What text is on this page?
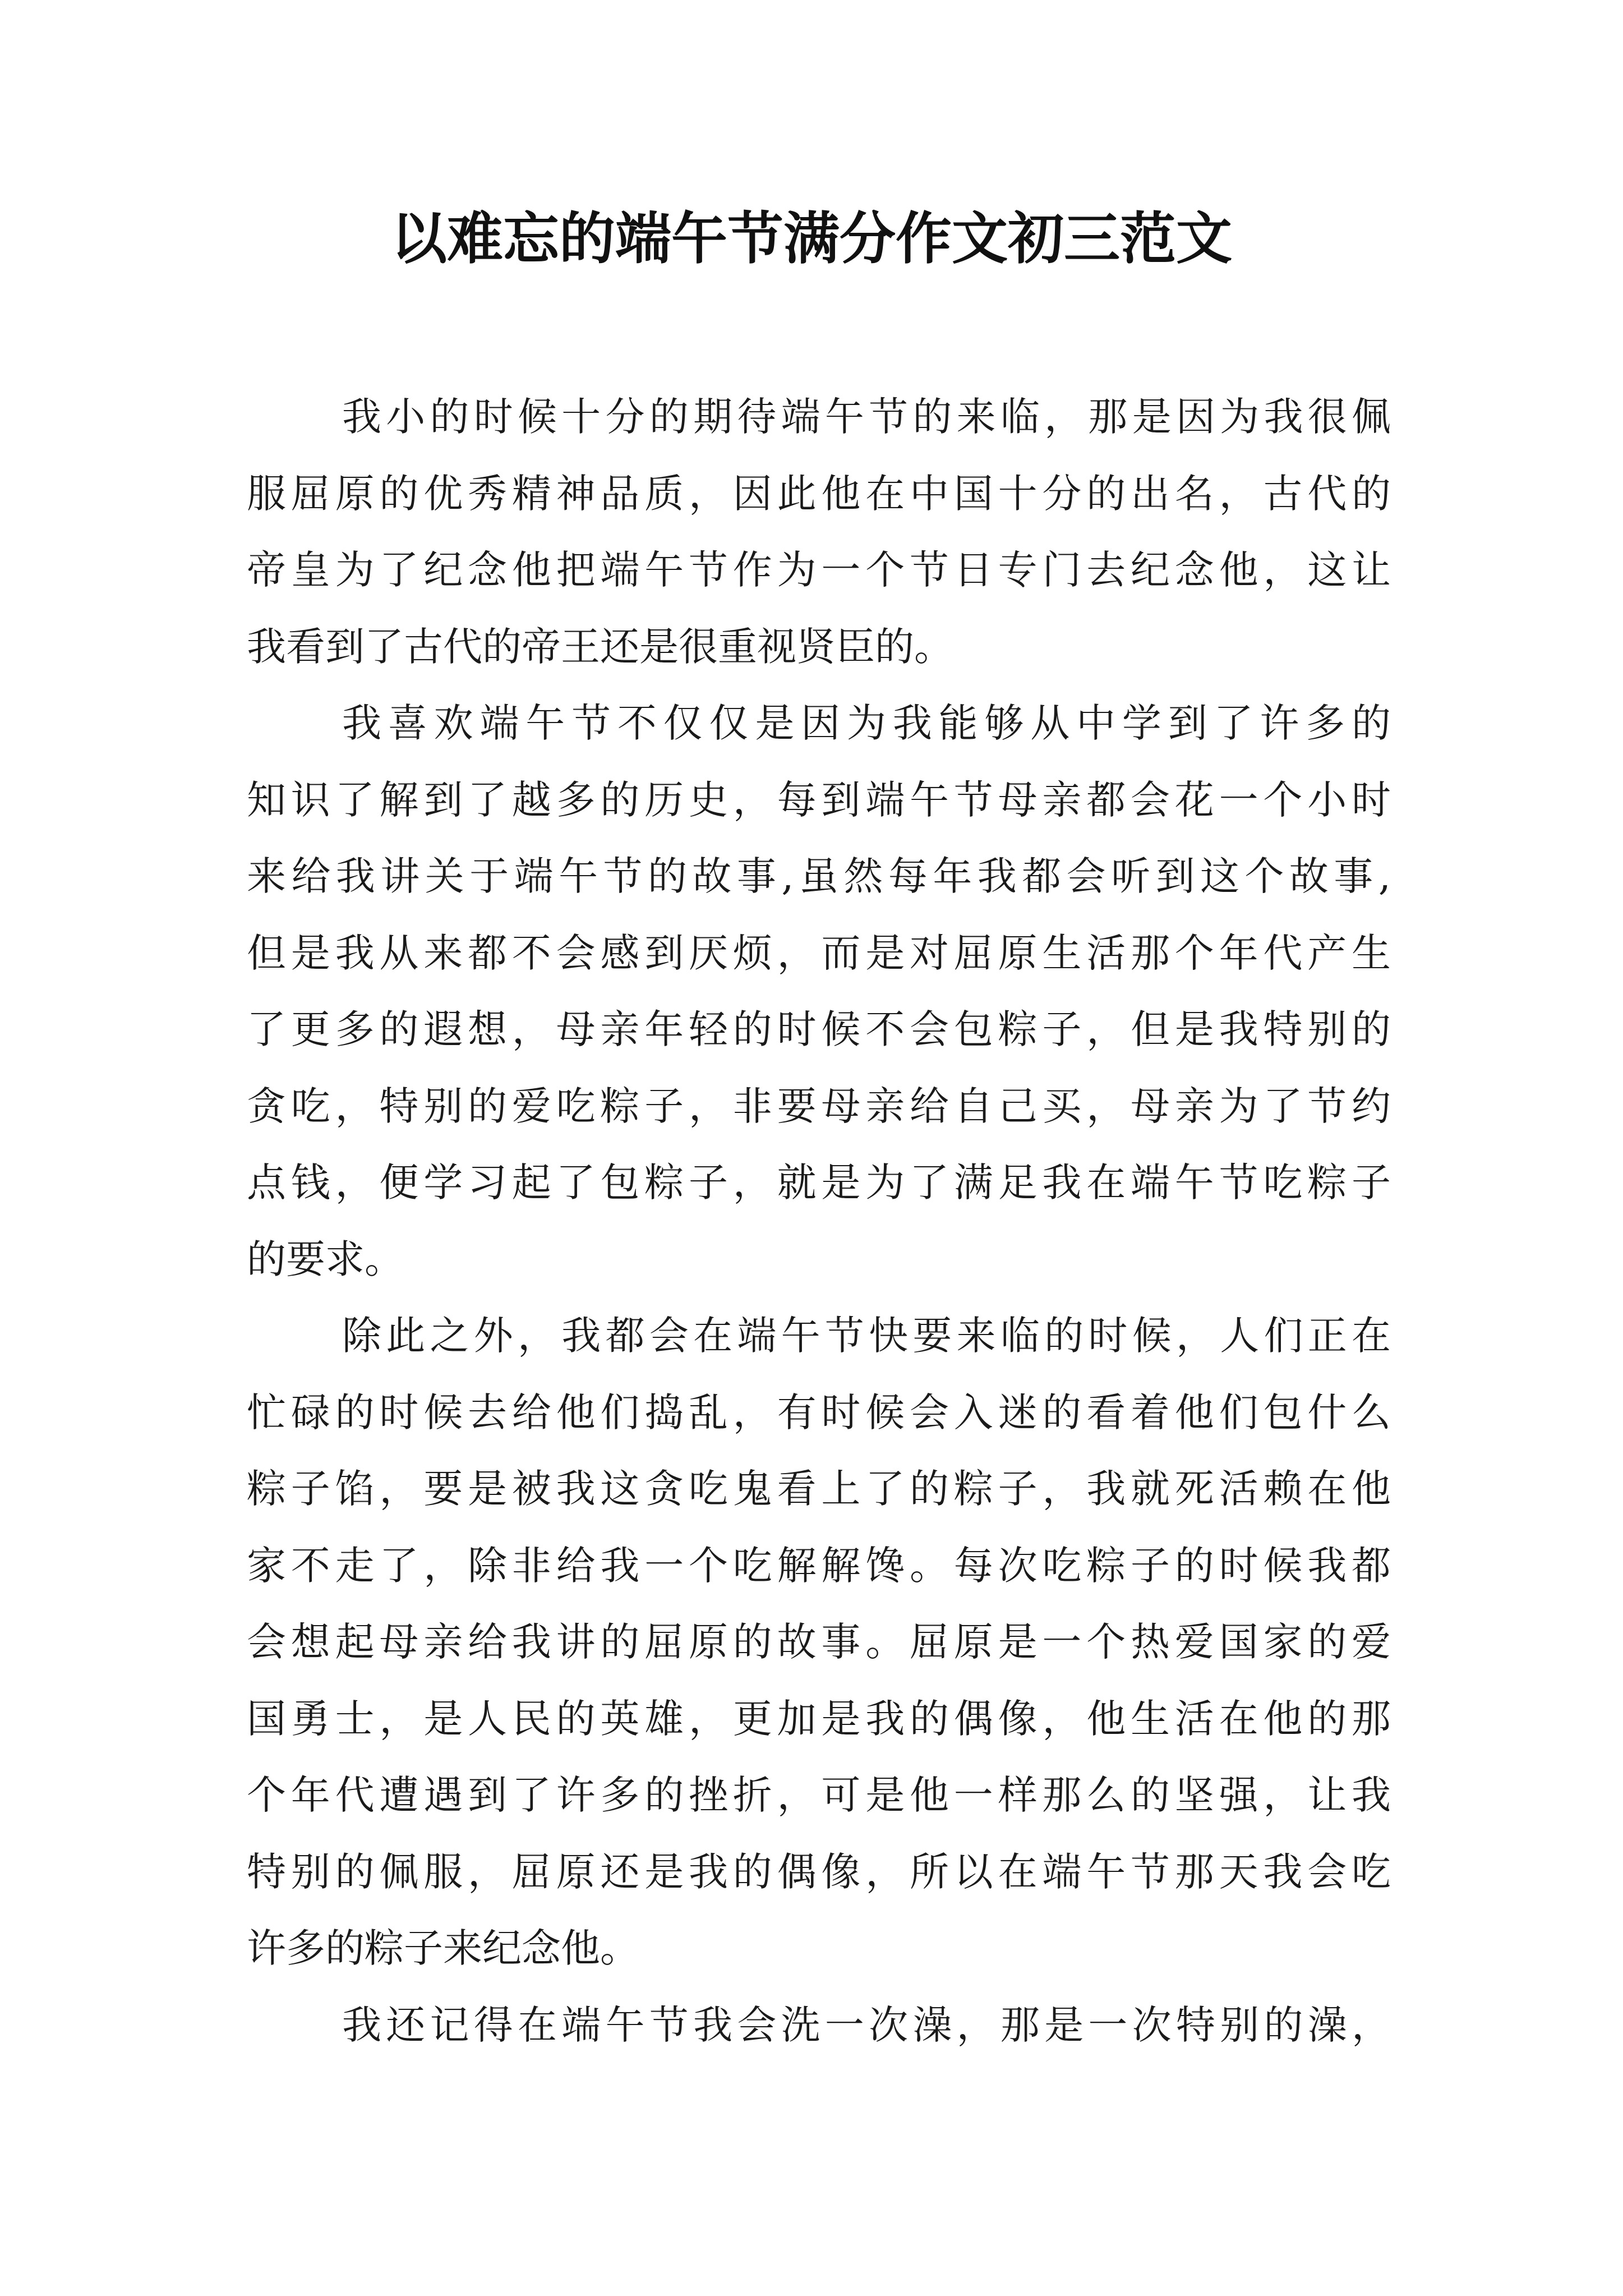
以难忘的端午节满分作文初三范文
我小的时候十分的期待端午节的来临，那是因为我很佩
服屈原的优秀精神品质，因此他在中国十分的出名，古代的
帝皇为了纪念他把端午节作为一个节日专门去纪念他，这让
我看到了古代的帝王还是很重视贤臣的。
我喜欢端午节不仅仅是因为我能够从中学到了许多的
知识了解到了越多的历史，每到端午节母亲都会花一个小时
来给我讲关于端午节的故事,虽然每年我都会听到这个故事,
但是我从来都不会感到厌烦，而是对屈原生活那个年代产生
了更多的遐想，母亲年轻的时候不会包粽子，但是我特别的
贪吃，特别的爱吃粽子，非要母亲给自己买，母亲为了节约
点钱，便学习起了包粽子，就是为了满足我在端午节吃粽子
的要求。
除此之外，我都会在端午节快要来临的时候，人们正在
忙碌的时候去给他们捣乱，有时候会入迷的看着他们包什么
粽子馅，要是被我这贪吃鬼看上了的粽子，我就死活赖在他
家不走了，除非给我一个吃解解馋。每次吃粽子的时候我都
会想起母亲给我讲的屈原的故事。屈原是一个热爱国家的爱
国勇士，是人民的英雄，更加是我的偶像，他生活在他的那
个年代遭遇到了许多的挫折，可是他一样那么的坚强，让我
特别的佩服，屈原还是我的偶像，所以在端午节那天我会吃
许多的粽子来纪念他。
我还记得在端午节我会洗一次澡，那是一次特别的澡，
